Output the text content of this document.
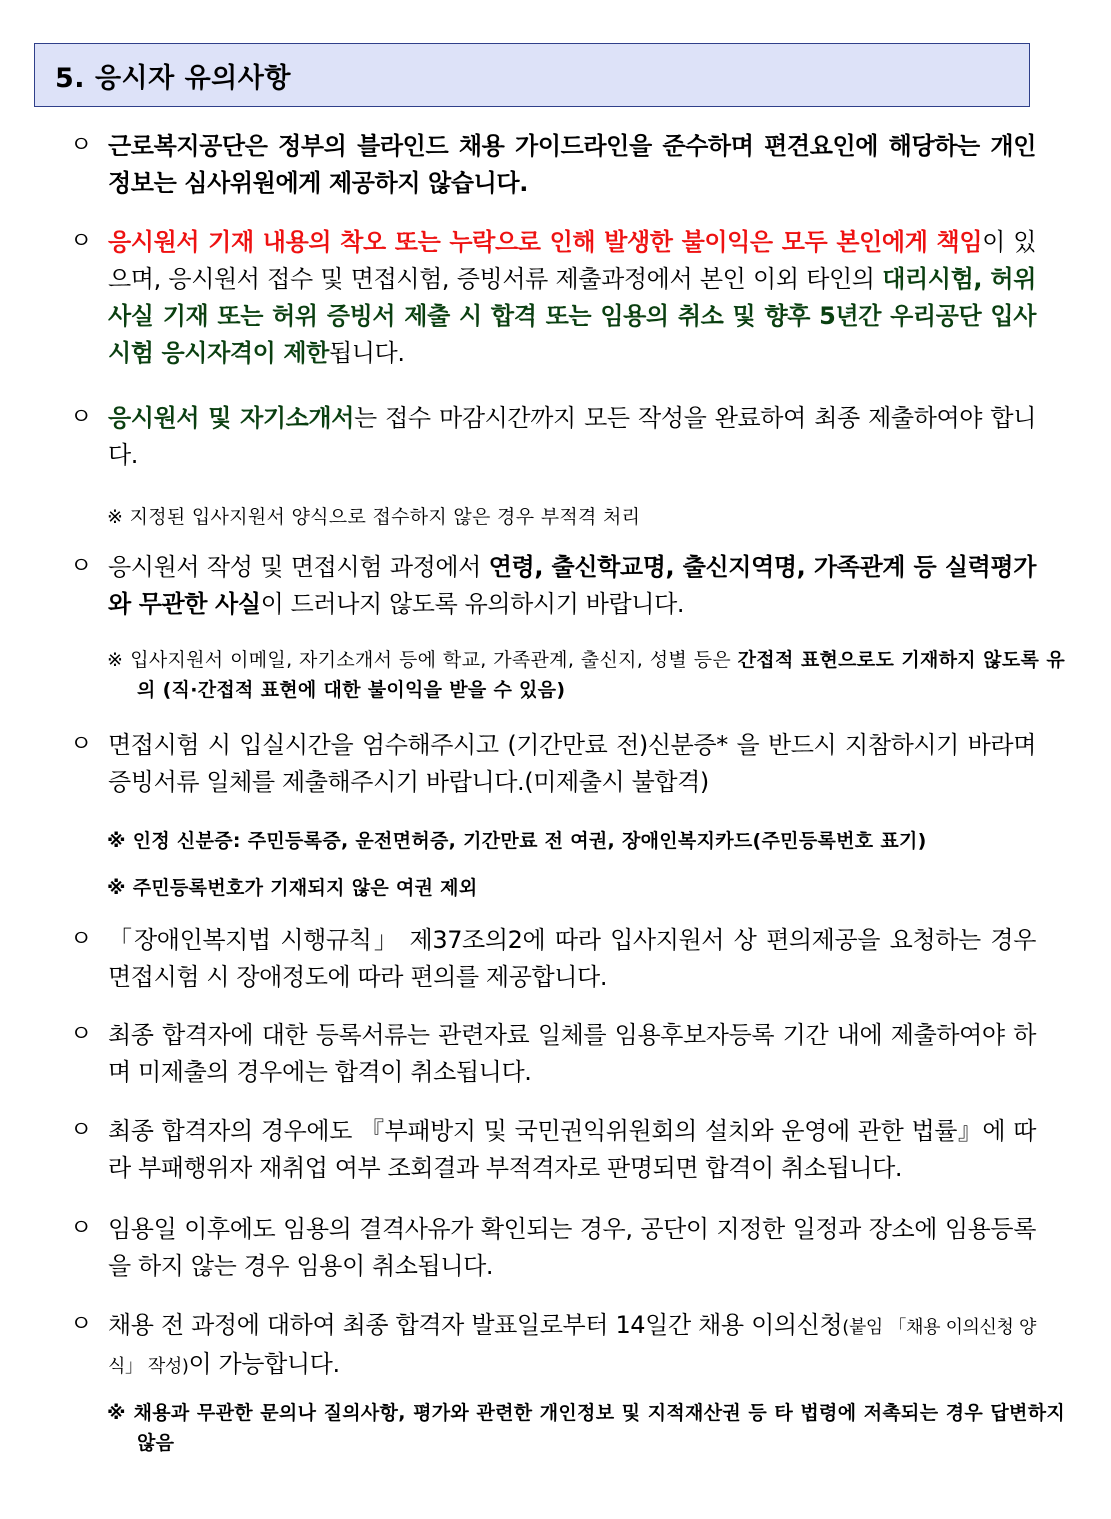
5. 응시자 유의사항
ㅇ 근로복지공단은 정부의 블라인드 채용 가이드라인을 준수하며 편견요인에 해당하는 개인정보는 심사위원에게 제공하지 않습니다.
ㅇ 응시원서 기재 내용의 착오 또는 누락으로 인해 발생한 불이익은 모두 본인에게 책임이 있으며, 응시원서 접수 및 면접시험, 증빙서류 제출과정에서 본인 이외 타인의 대리시험, 허위사실 기재 또는 허위 증빙서 제출 시 합격 또는 임용의 취소 및 향후 5년간 우리공단 입사시험 응시자격이 제한됩니다.
ㅇ 응시원서 및 자기소개서는 접수 마감시간까지 모든 작성을 완료하여 최종 제출하여야 합니다.
※ 지정된 입사지원서 양식으로 접수하지 않은 경우 부적격 처리
ㅇ 응시원서 작성 및 면접시험 과정에서 연령, 출신학교명, 출신지역명, 가족관계 등 실력평가와 무관한 사실이 드러나지 않도록 유의하시기 바랍니다.
※ 입사지원서 이메일, 자기소개서 등에 학교, 가족관계, 출신지, 성별 등은 간접적 표현으로도 기재하지 않도록 유의 (직·간접적 표현에 대한 불이익을 받을 수 있음)
ㅇ 면접시험 시 입실시간을 엄수해주시고 (기간만료 전)신분증* 을 반드시 지참하시기 바라며 증빙서류 일체를 제출해주시기 바랍니다.(미제출시 불합격)
※ 인정 신분증: 주민등록증, 운전면허증, 기간만료 전 여권, 장애인복지카드(주민등록번호 표기)
※ 주민등록번호가 기재되지 않은 여권 제외
ㅇ 「장애인복지법 시행규칙」 제37조의2에 따라 입사지원서 상 편의제공을 요청하는 경우 면접시험 시 장애정도에 따라 편의를 제공합니다.
ㅇ 최종 합격자에 대한 등록서류는 관련자료 일체를 임용후보자등록 기간 내에 제출하여야 하며 미제출의 경우에는 합격이 취소됩니다.
ㅇ 최종 합격자의 경우에도 『부패방지 및 국민권익위원회의 설치와 운영에 관한 법률』에 따라 부패행위자 재취업 여부 조회결과 부적격자로 판명되면 합격이 취소됩니다.
ㅇ 임용일 이후에도 임용의 결격사유가 확인되는 경우, 공단이 지정한 일정과 장소에 임용등록을 하지 않는 경우 임용이 취소됩니다.
ㅇ 채용 전 과정에 대하여 최종 합격자 발표일로부터 14일간 채용 이의신청(붙임 「채용 이의신청 양식」 작성)이 가능합니다.
※ 채용과 무관한 문의나 질의사항, 평가와 관련한 개인정보 및 지적재산권 등 타 법령에 저촉되는 경우 답변하지 않음
